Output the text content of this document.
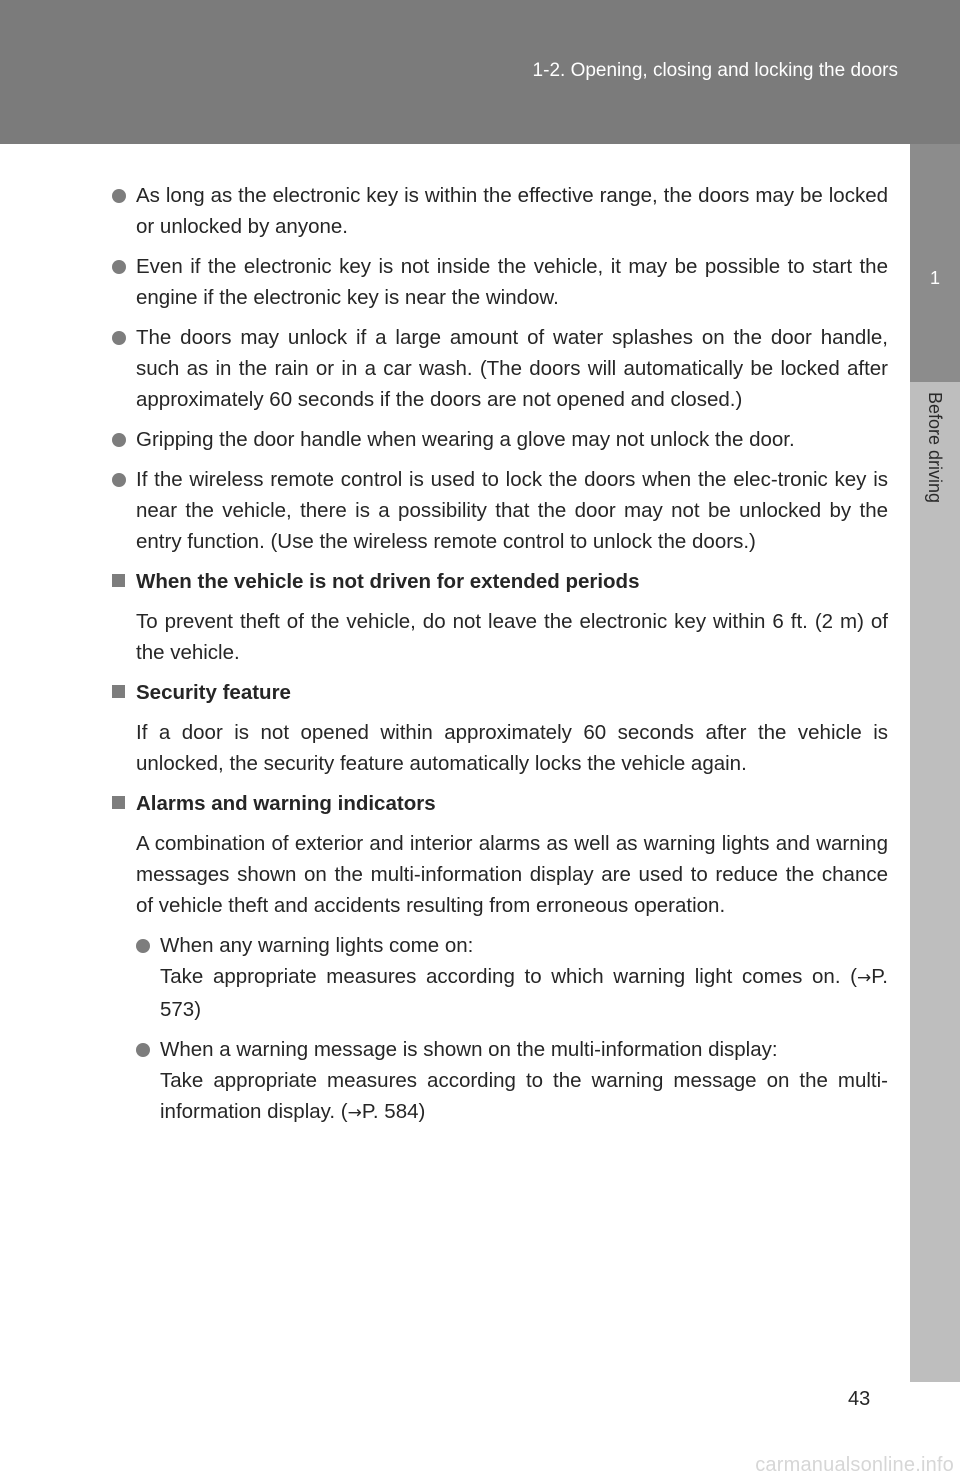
1-2. Opening, closing and locking the doors
1
Before driving
As long as the electronic key is within the effective range, the doors may be locked or unlocked by anyone.
Even if the electronic key is not inside the vehicle, it may be possible to start the engine if the electronic key is near the window.
The doors may unlock if a large amount of water splashes on the door handle, such as in the rain or in a car wash. (The doors will automatically be locked after approximately 60 seconds if the doors are not opened and closed.)
Gripping the door handle when wearing a glove may not unlock the door.
If the wireless remote control is used to lock the doors when the elec-tronic key is near the vehicle, there is a possibility that the door may not be unlocked by the entry function. (Use the wireless remote control to unlock the doors.)
When the vehicle is not driven for extended periods
To prevent theft of the vehicle, do not leave the electronic key within 6 ft. (2 m) of the vehicle.
Security feature
If a door is not opened within approximately 60 seconds after the vehicle is unlocked, the security feature automatically locks the vehicle again.
Alarms and warning indicators
A combination of exterior and interior alarms as well as warning lights and warning messages shown on the multi-information display are used to reduce the chance of vehicle theft and accidents resulting from erroneous operation.
When any warning lights come on:
Take appropriate measures according to which warning light comes on. (→P. 573)
When a warning message is shown on the multi-information display:
Take appropriate measures according to the warning message on the multi-information display. (→P. 584)
43
carmanualsonline.info
